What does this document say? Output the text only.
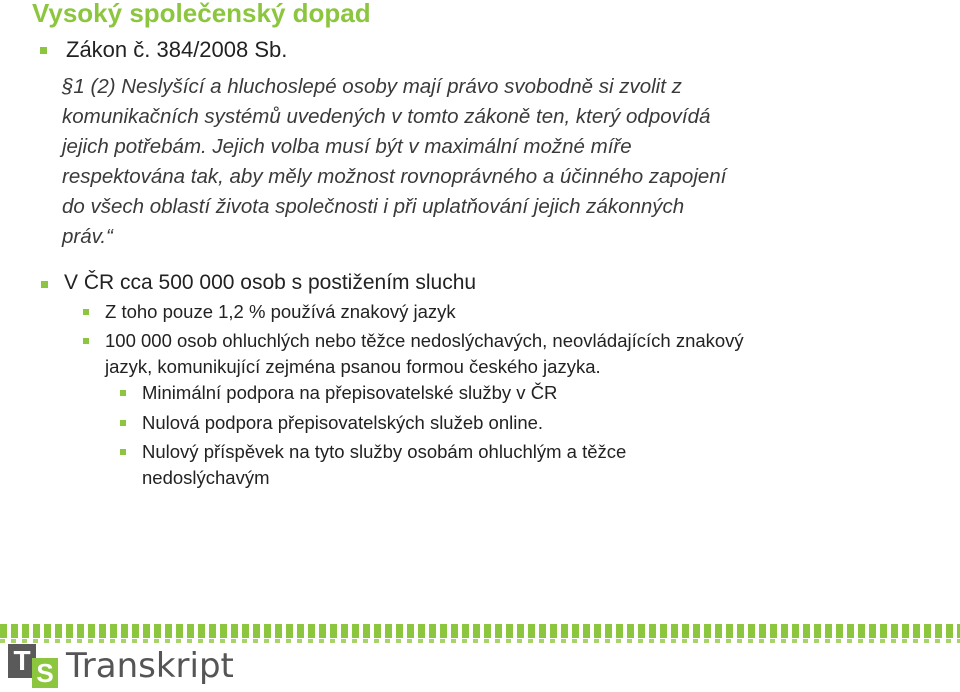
Vysoký společenský dopad
Zákon č. 384/2008 Sb.
§1 (2) Neslyšící a hluchoslepé osoby mají právo svobodně si zvolit z
komunikačních systémů uvedených v tomto zákoně ten, který odpovídá
jejich potřebám. Jejich volba musí být v maximální možné míře
respektována tak, aby měly možnost rovnoprávného a účinného zapojení
do všech oblastí života společnosti i při uplatňování jejich zákonných
práv.“
V ČR cca 500 000 osob s postižením sluchu
Z toho pouze 1,2 % používá znakový jazyk
100 000 osob ohluchlých nebo těžce nedoslýchavých, neovládajících znakový
jazyk, komunikující zejména psanou formou českého jazyka.
Minimální podpora na přepisovatelské služby v ČR
Nulová podpora přepisovatelských služeb online.
Nulový příspěvek na tyto služby osobám ohluchlým a těžce
nedoslýchavým
T S Transkript
